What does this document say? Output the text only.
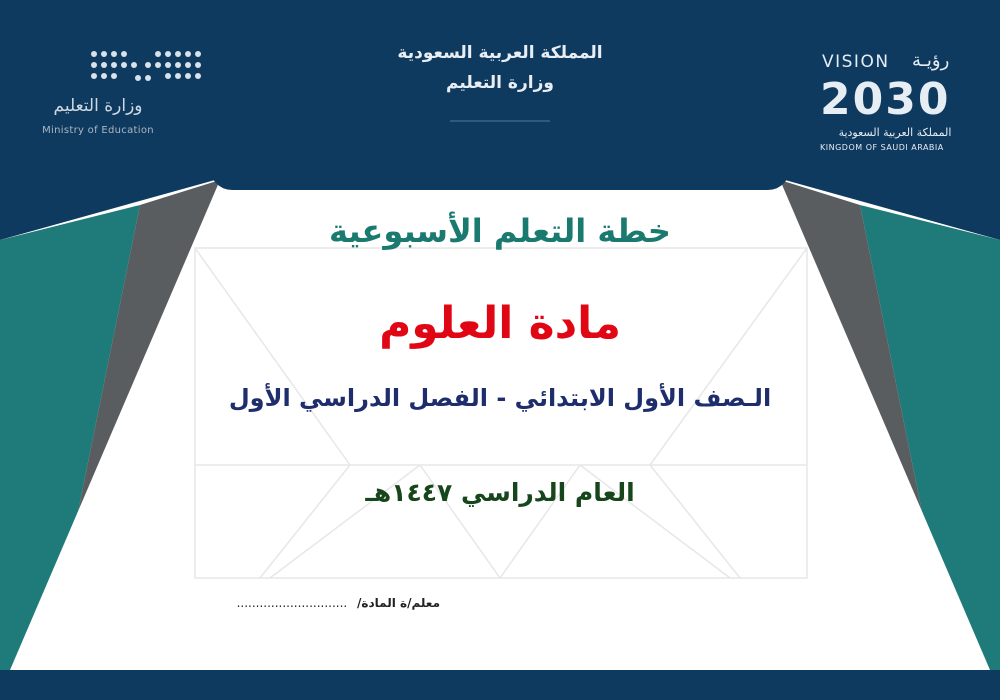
المملكة العربية السعودية
وزارة التعليم
وزارة التعليم
Ministry of Education
VISION رؤيـة
2030
المملكة العربية السعودية
KINGDOM OF SAUDI ARABIA
خطة التعلم الأسبوعية
مادة العلوم
الـصف الأول الابتدائي - الفصل الدراسي الأول
العام الدراسي ١٤٤٧هـ
معلم/ة المادة/ .............................
